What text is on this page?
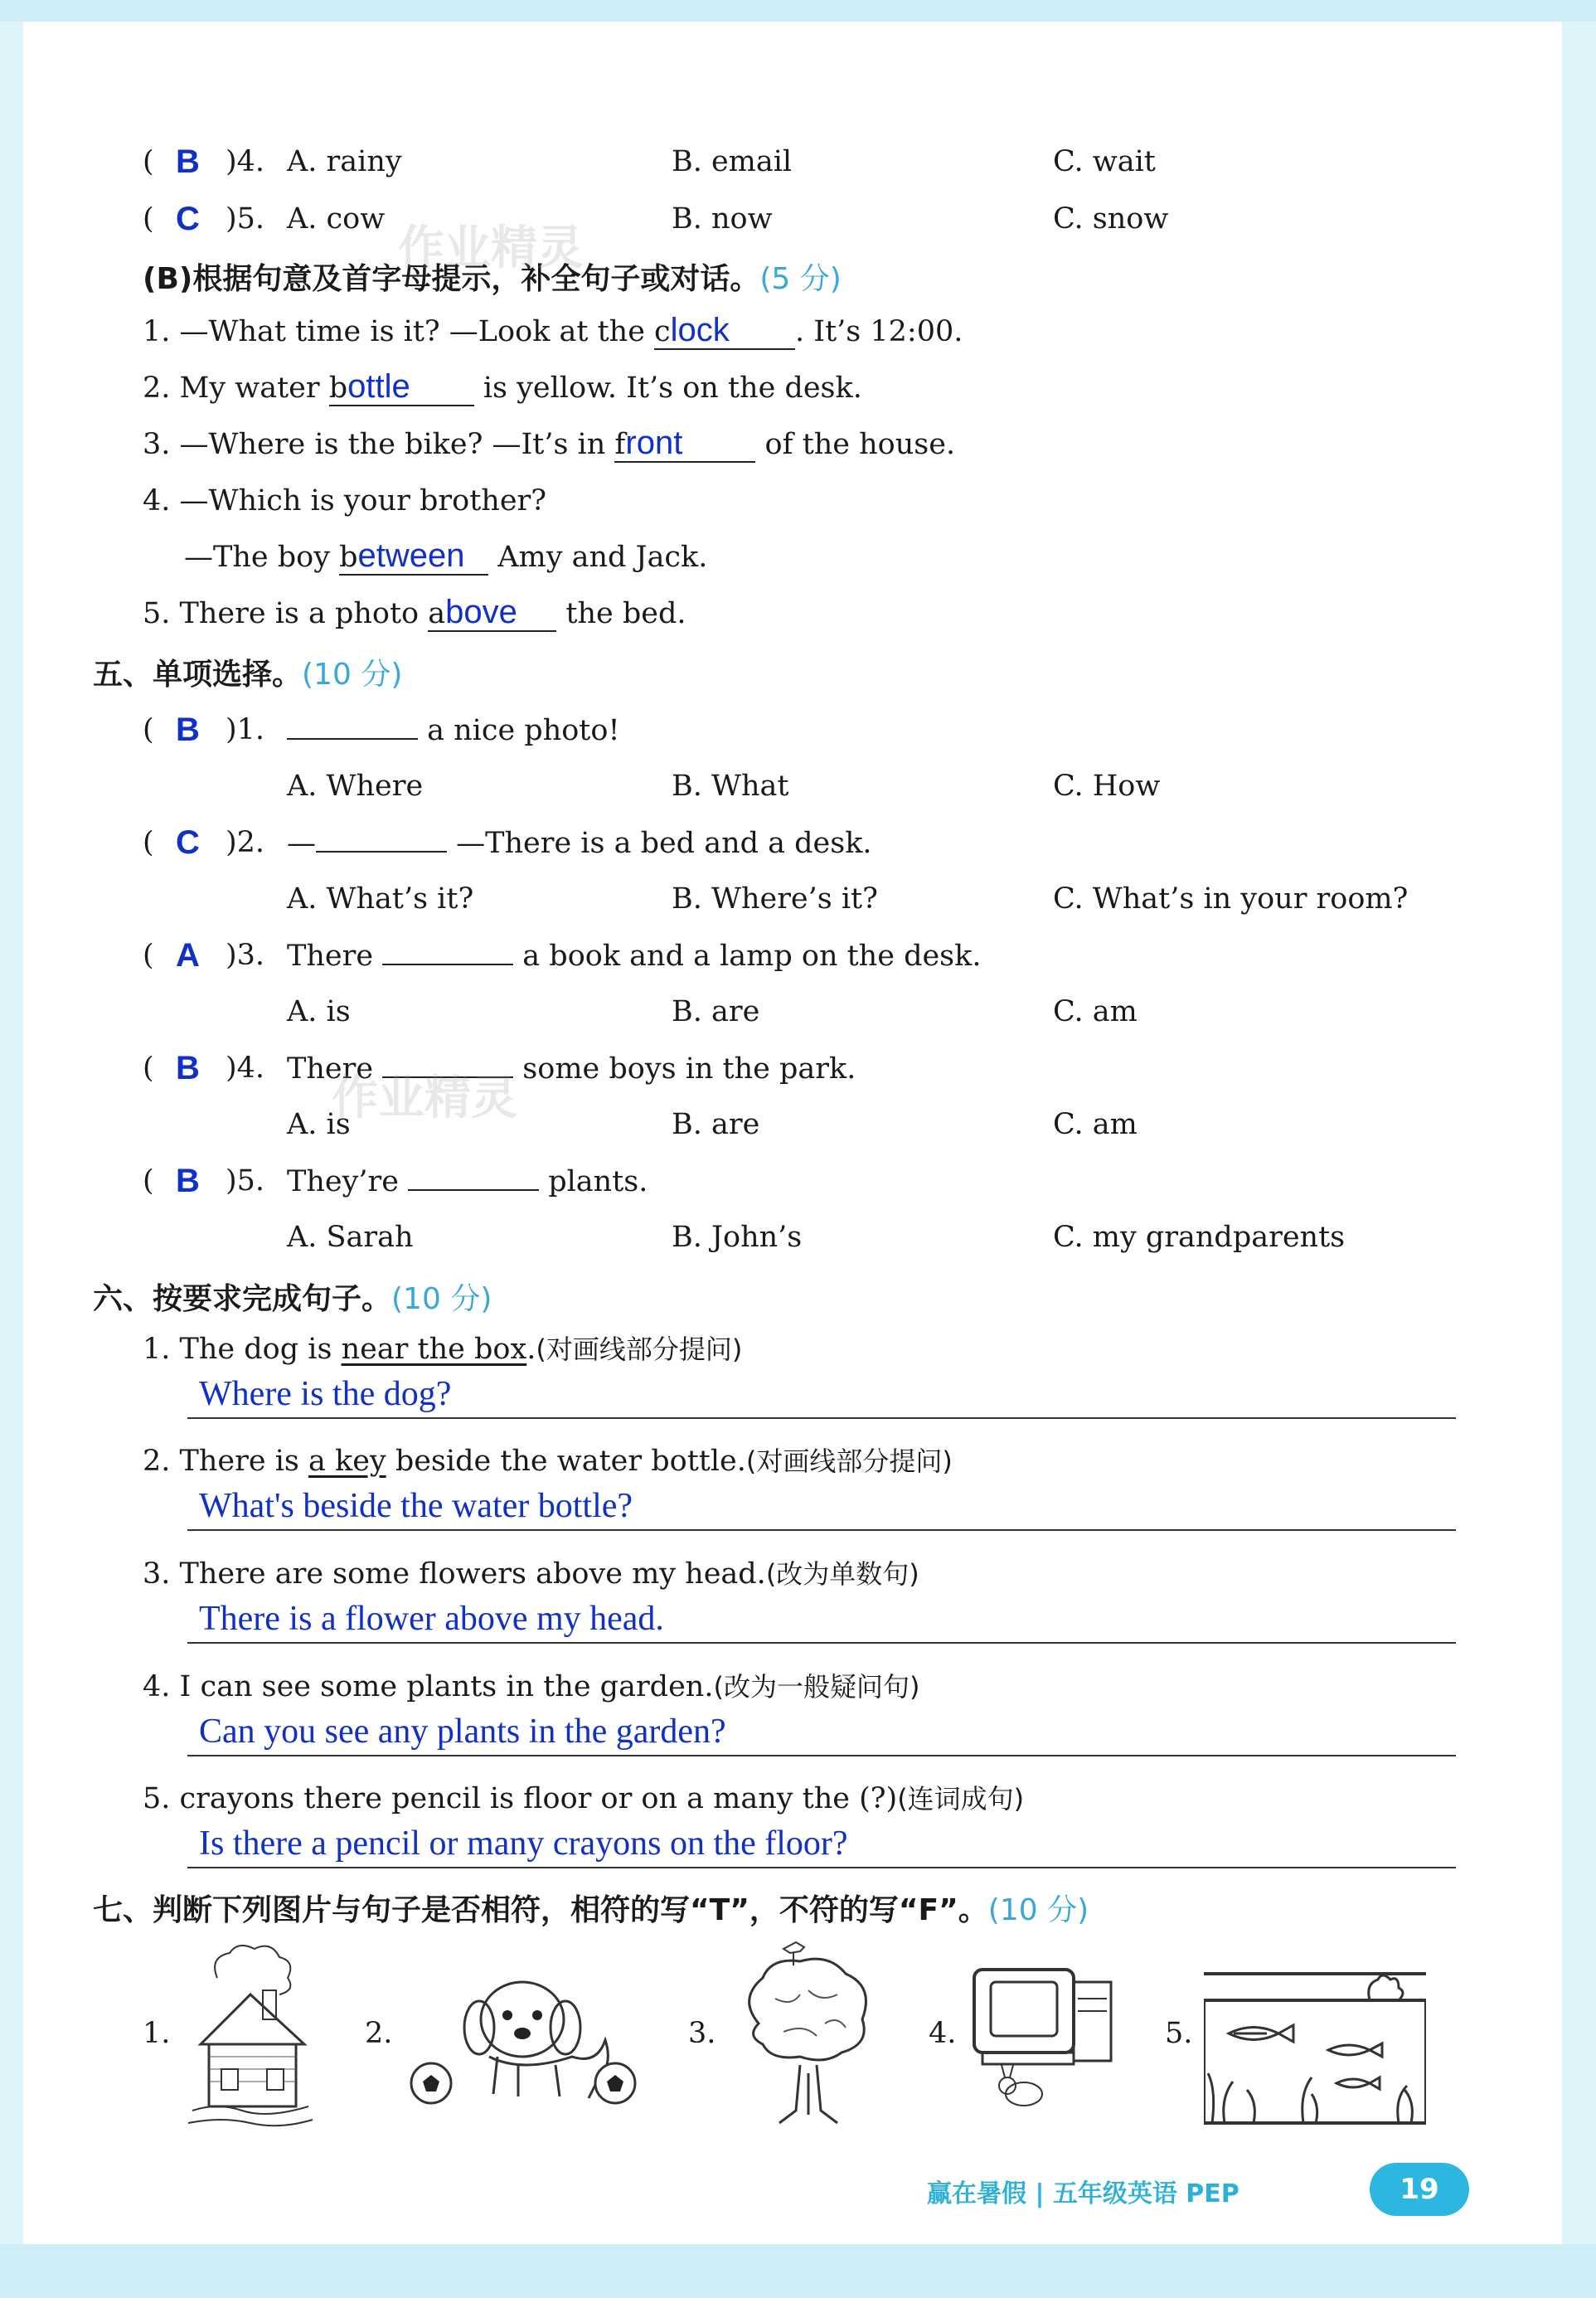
( B )4. A. rainy	B. email	C. wait
( C )5. A. cow	B. now	C. snow
(B)根据句意及首字母提示，补全句子或对话。(5 分)
1. —What time is it? —Look at the clock . It’s 12:00.
2. My water bottle is yellow. It’s on the desk.
3. —Where is the bike? —It’s in front	of the house.
4. —Which is your brother?
—The boy between Amy and Jack.
5. There is a photo above the bed.
五、单项选择。(10 分)
( B )1.	a nice photo!
A. Where	B. What	C. How
( C )2. —	—There is a bed and a desk.
A. What’s it?	B. Where’s it?	C. What’s in your room?
( A )3. There	a book and a lamp on the desk.
A. is	B. are	C. am
( B )4. There	some boys in the park.
A. is	B. are	C. am
( B )5. They’re	plants.
A. Sarah	B. John’s	C. my grandparents
六、按要求完成句子。(10 分)
1. The dog is near the box.(对画线部分提问)
Where is the dog?
2. There is a key beside the water bottle.(对画线部分提问)
What's beside the water bottle?
3. There are some flowers above my head.(改为单数句)
There is a flower above my head.
4. I can see some plants in the garden.(改为一般疑问句)
Can you see any plants in the garden?
5. crayons there pencil is floor or on a many the (?)(连词成句)
Is there a pencil or many crayons on the floor?
七、判断下列图片与句子是否相符，相符的写“T”，不符的写“F”。(10 分)
1.	2.	3.	4.	5.
作业精灵
作业精灵
赢在暑假 | 五年级英语 PEP	19
